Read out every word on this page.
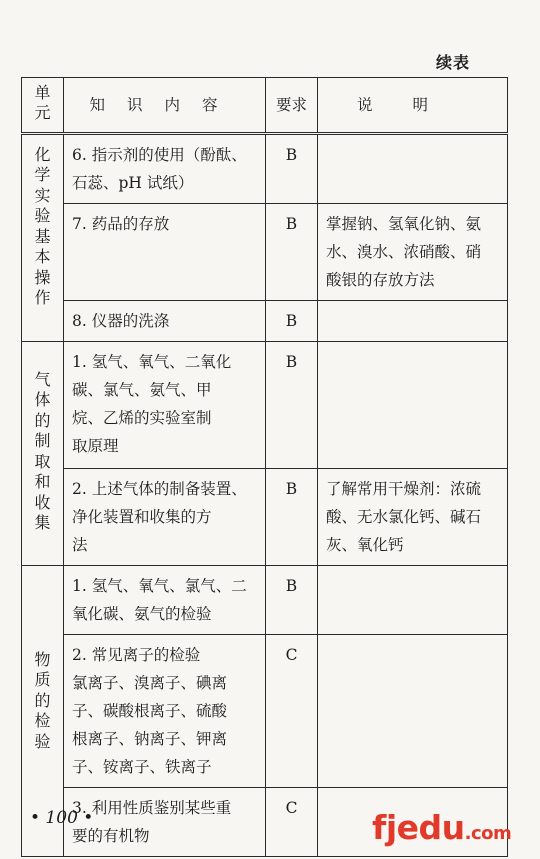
续表
单元	知识内容	要求	说明
化学实验基本操作	6. 指示剂的使用（酚酞、
石蕊、pH 试纸）	B	

	7. 药品的存放	B	掌握钠、氢氧化钠、氨
水、溴水、浓硝酸、硝
酸银的存放方法

	8. 仪器的洗涤	B	

气体的制取和收集	1. 氢气、氧气、二氧化
碳、氯气、氨气、甲
烷、乙烯的实验室制
取原理	B	

	2. 上述气体的制备装置、
净化装置和收集的方
法	B	了解常用干燥剂：浓硫
酸、无水氯化钙、碱石
灰、氧化钙

物质的检验	1. 氢气、氧气、氯气、二
氧化碳、氨气的检验	B	

	2. 常见离子的检验
氯离子、溴离子、碘离
子、碳酸根离子、硫酸
根离子、钠离子、钾离
子、铵离子、铁离子	C	

	3. 利用性质鉴别某些重
要的有机物	C	
• 100 •	fjedu.com
